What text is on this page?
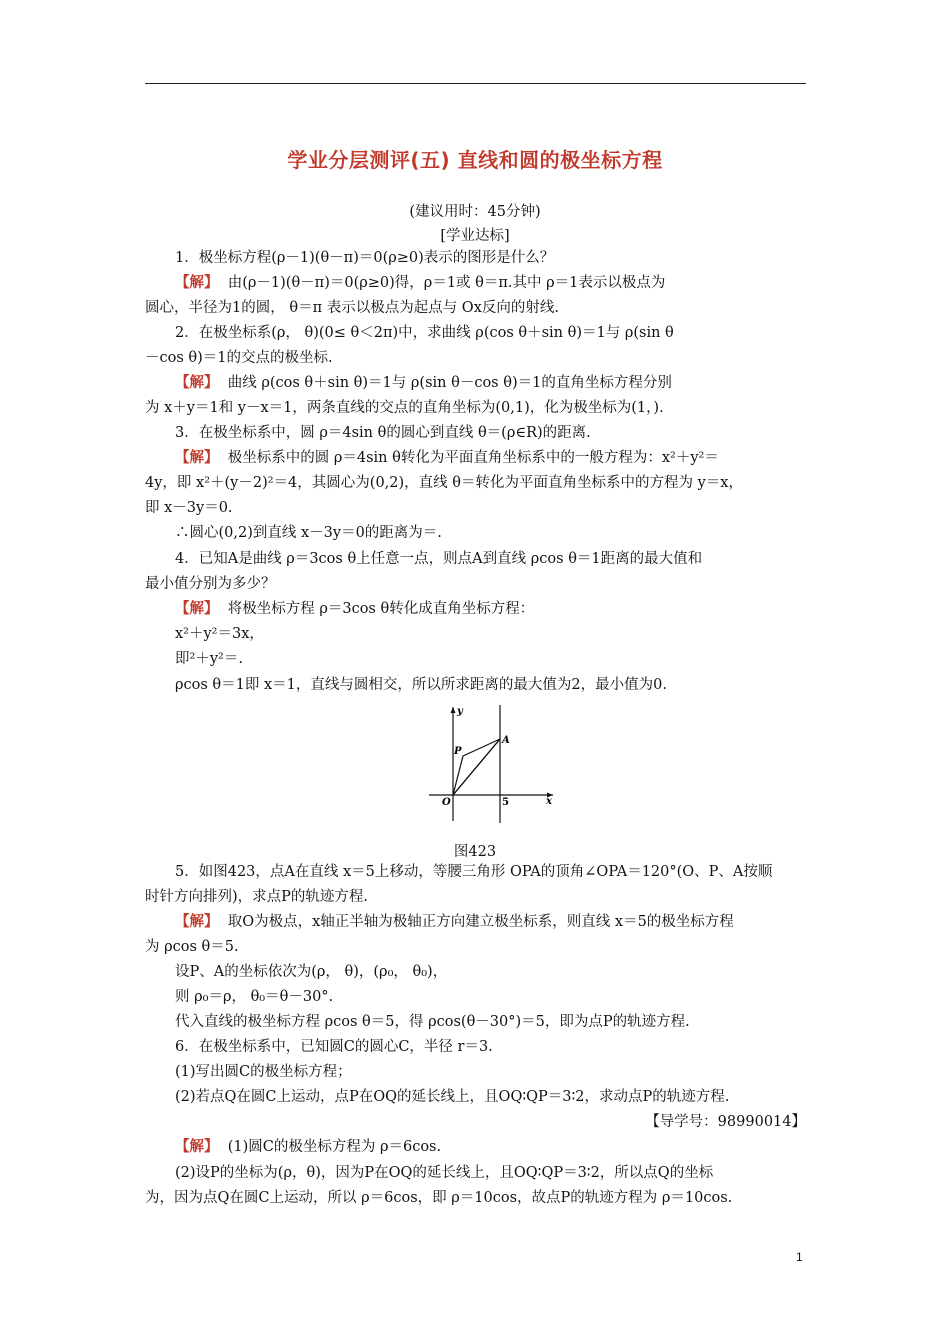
学业分层测评(五) 直线和圆的极坐标方程
(建议用时：45分钟)
[学业达标]
1．极坐标方程(ρ－1)(θ－π)＝0(ρ≥0)表示的图形是什么？
【解】 由(ρ－1)(θ－π)＝0(ρ≥0)得，ρ＝1或 θ＝π.其中 ρ＝1表示以极点为
圆心，半径为1的圆， θ＝π 表示以极点为起点与 Ox反向的射线.
2．在极坐标系(ρ， θ)(0≤ θ＜2π)中，求曲线 ρ(cos θ＋sin θ)＝1与 ρ(sin θ
－cos θ)＝1的交点的极坐标.
【解】 曲线 ρ(cos θ＋sin θ)＝1与 ρ(sin θ－cos θ)＝1的直角坐标方程分别
为 x＋y＝1和 y－x＝1，两条直线的交点的直角坐标为(0,1)，化为极坐标为(1，).
3．在极坐标系中，圆 ρ＝4sin θ的圆心到直线 θ＝(ρ∈R)的距离.
【解】 极坐标系中的圆 ρ＝4sin θ转化为平面直角坐标系中的一般方程为：x²＋y²＝
4y，即 x²＋(y－2)²＝4，其圆心为(0,2)，直线 θ＝转化为平面直角坐标系中的方程为 y＝x，
即 x－3y＝0.
∴圆心(0,2)到直线 x－3y＝0的距离为＝.
4．已知A是曲线 ρ＝3cos θ上任意一点，则点A到直线 ρcos θ＝1距离的最大值和
最小值分别为多少？
【解】 将极坐标方程 ρ＝3cos θ转化成直角坐标方程：
x²＋y²＝3x，
即²＋y²＝.
ρcos θ＝1即 x＝1，直线与圆相交，所以所求距离的最大值为2，最小值为0.
y
x
O
P
A
5
图423
5．如图423，点A在直线 x＝5上移动，等腰三角形 OPA的顶角∠OPA＝120°(O、P、A按顺
时针方向排列)，求点P的轨迹方程.
【解】 取O为极点，x轴正半轴为极轴正方向建立极坐标系，则直线 x＝5的极坐标方程
为 ρcos θ＝5.
设P、A的坐标依次为(ρ， θ)，(ρ₀， θ₀)，
则 ρ₀＝ρ， θ₀＝θ－30°.
代入直线的极坐标方程 ρcos θ＝5，得 ρcos(θ－30°)＝5，即为点P的轨迹方程.
6．在极坐标系中，已知圆C的圆心C，半径 r＝3.
(1)写出圆C的极坐标方程；
(2)若点Q在圆C上运动，点P在OQ的延长线上，且OQ∶QP＝3∶2，求动点P的轨迹方程.
【导学号：98990014】
【解】 (1)圆C的极坐标方程为 ρ＝6cos.
(2)设P的坐标为(ρ，θ)，因为P在OQ的延长线上，且OQ∶QP＝3∶2，所以点Q的坐标
为，因为点Q在圆C上运动，所以 ρ＝6cos，即 ρ＝10cos，故点P的轨迹方程为 ρ＝10cos.
1
